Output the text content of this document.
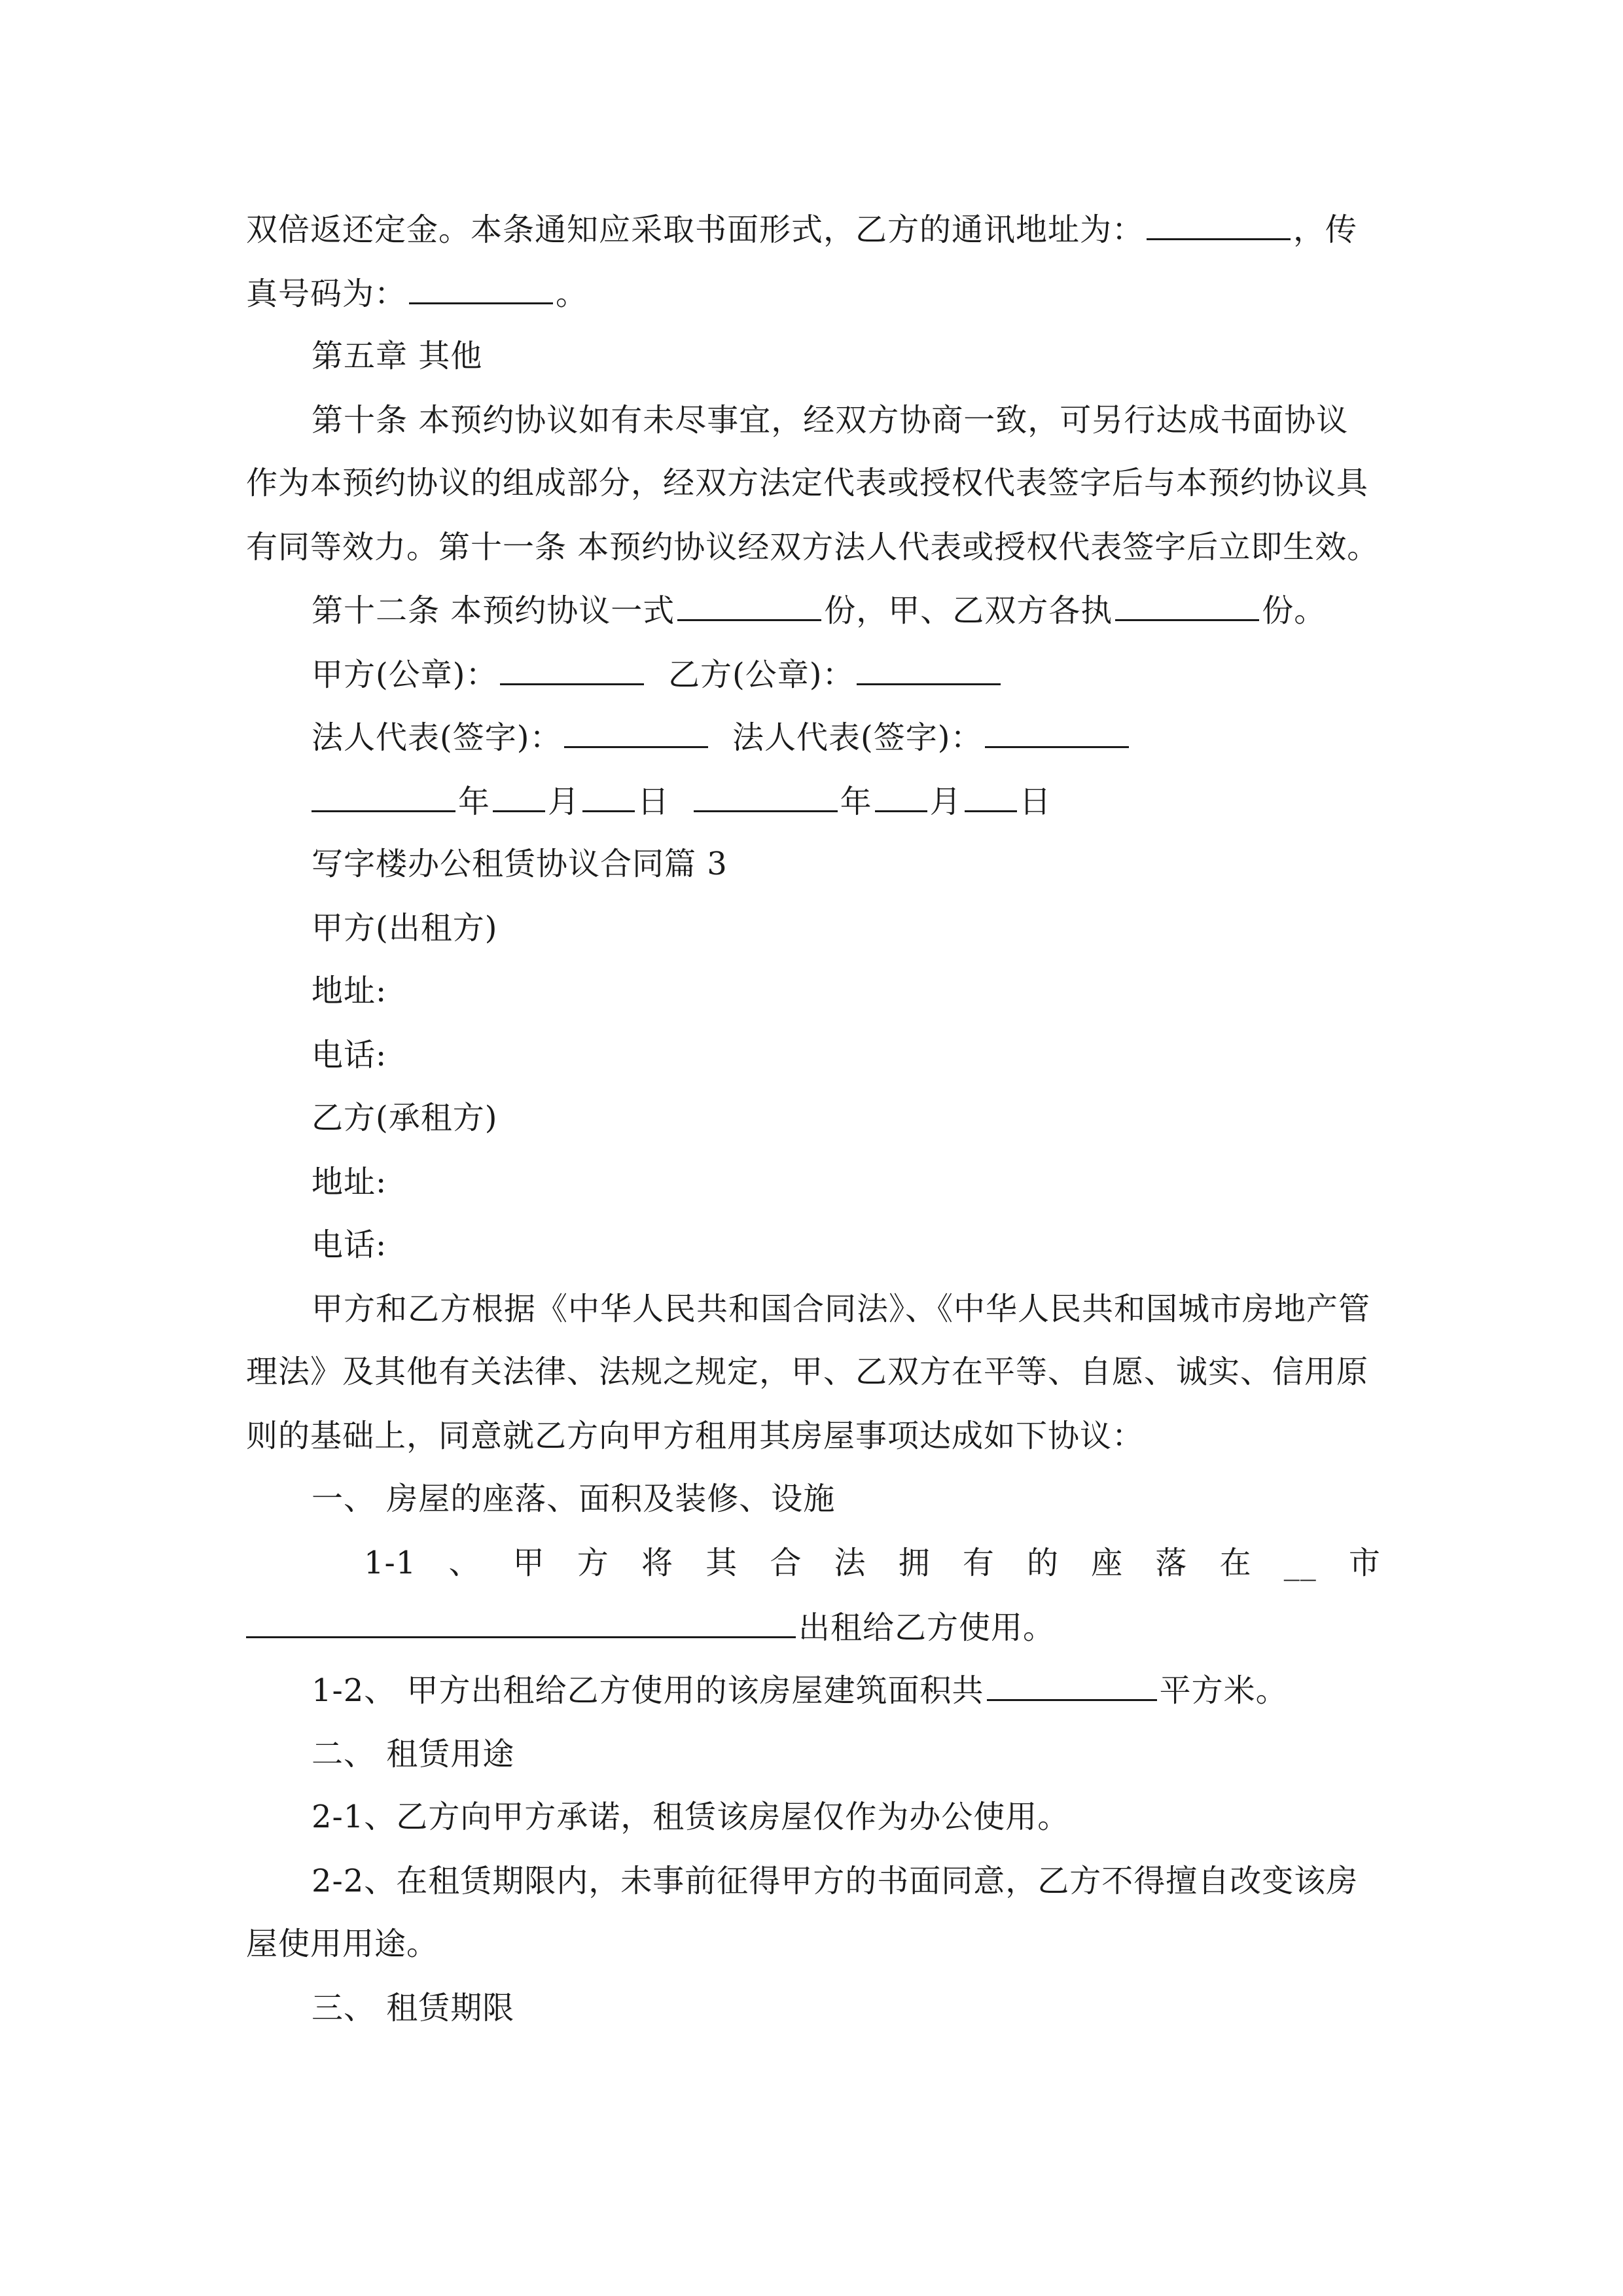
双倍返还定金。本条通知应采取书面形式，乙方的通讯地址为：	，传
真号码为：	。
第五章 其他
第十条 本预约协议如有未尽事宜，经双方协商一致，可另行达成书面协议
作为本预约协议的组成部分，经双方法定代表或授权代表签字后与本预约协议具
有同等效力。第十一条 本预约协议经双方法人代表或授权代表签字后立即生效。
第十二条 本预约协议一式	份，甲、乙双方各执	份。
甲方(公章)：	乙方(公章)：
法人代表(签字)：	法人代表(签字)：
年 月 日	年 月 日
写字楼办公租赁协议合同篇 3
甲方(出租方)
地址:
电话:
乙方(承租方)
地址:
电话:
甲方和乙方根据《中华人民共和国合同法》、《中华人民共和国城市房地产管
理法》及其他有关法律、法规之规定，甲、乙双方在平等、自愿、诚实、信用原
则的基础上，同意就乙方向甲方租用其房屋事项达成如下协议：
一、 房屋的座落、面积及装修、设施
1-1 、 甲 方 将 其 合 法 拥 有 的 座 落 在 __ 市
出租给乙方使用。
1-2、 甲方出租给乙方使用的该房屋建筑面积共	平方米。
二、 租赁用途
2-1、乙方向甲方承诺，租赁该房屋仅作为办公使用。
2-2、在租赁期限内，未事前征得甲方的书面同意，乙方不得擅自改变该房
屋使用用途。
三、 租赁期限
